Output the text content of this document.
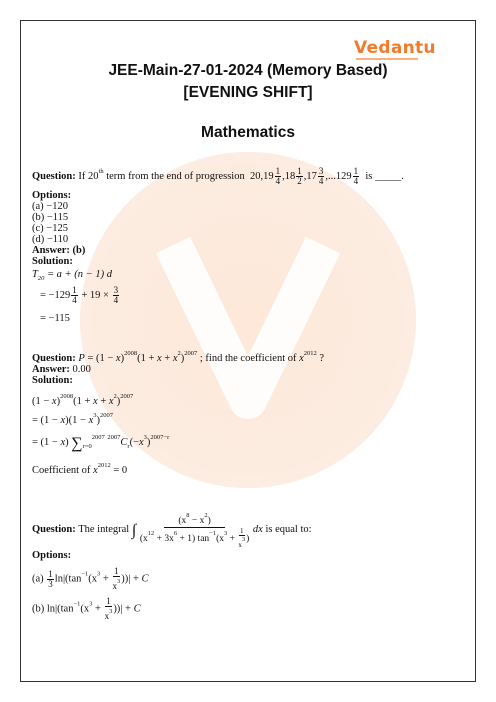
Vedantu
JEE-Main-27-01-2024 (Memory Based)
[EVENING SHIFT]
Mathematics
Question: If 20th term from the end of progression  $20,19 \frac{1}{4} ,18 \frac{1}{2} ,17 \frac{3}{4} ,...129 \frac{1}{4}$ is _____.
Options:
(a) −120
(b) −115
(c) −125
(d) −110
Answer: (b)
Solution:
$T_{20} = a + (n - 1)$ d
= $-129 \frac{1}{4} + 19 \times \frac{3}{4}$
= −115
Question: $P = (1 - x)^{2008}(1 + x + x^2)^{2007}$ ; find the coefficient of $x^{2012}$ ?
Answer: 0.00
Solution:
$(1 - x)^{2008}(1 + x + x^2)^{2007}$
= $(1 - x)(1 - x^3)^{2007}$
= (1 − x) $\sum_{r=0}^{2007}$ $^{2007}C_r(-x^3)^{2007-r}$
Coefficient of $x^{2012} = 0$
Question: The integral ∫ $\frac{(x^8 - x^2)}{(x^{12} + 3x^6 + 1) \tan^{-1}(x^3 + \frac{1}{x3} )}$ dx is equal to:
Options:
$(a) \frac{1}{3} \ln|(\tan^{-1}(x^3 + \frac{1}{x^3}$ ))| + C
(b) $\ln|(\tan^{-1}(x^3 + \frac{1}{x^3}$ ))| + C
